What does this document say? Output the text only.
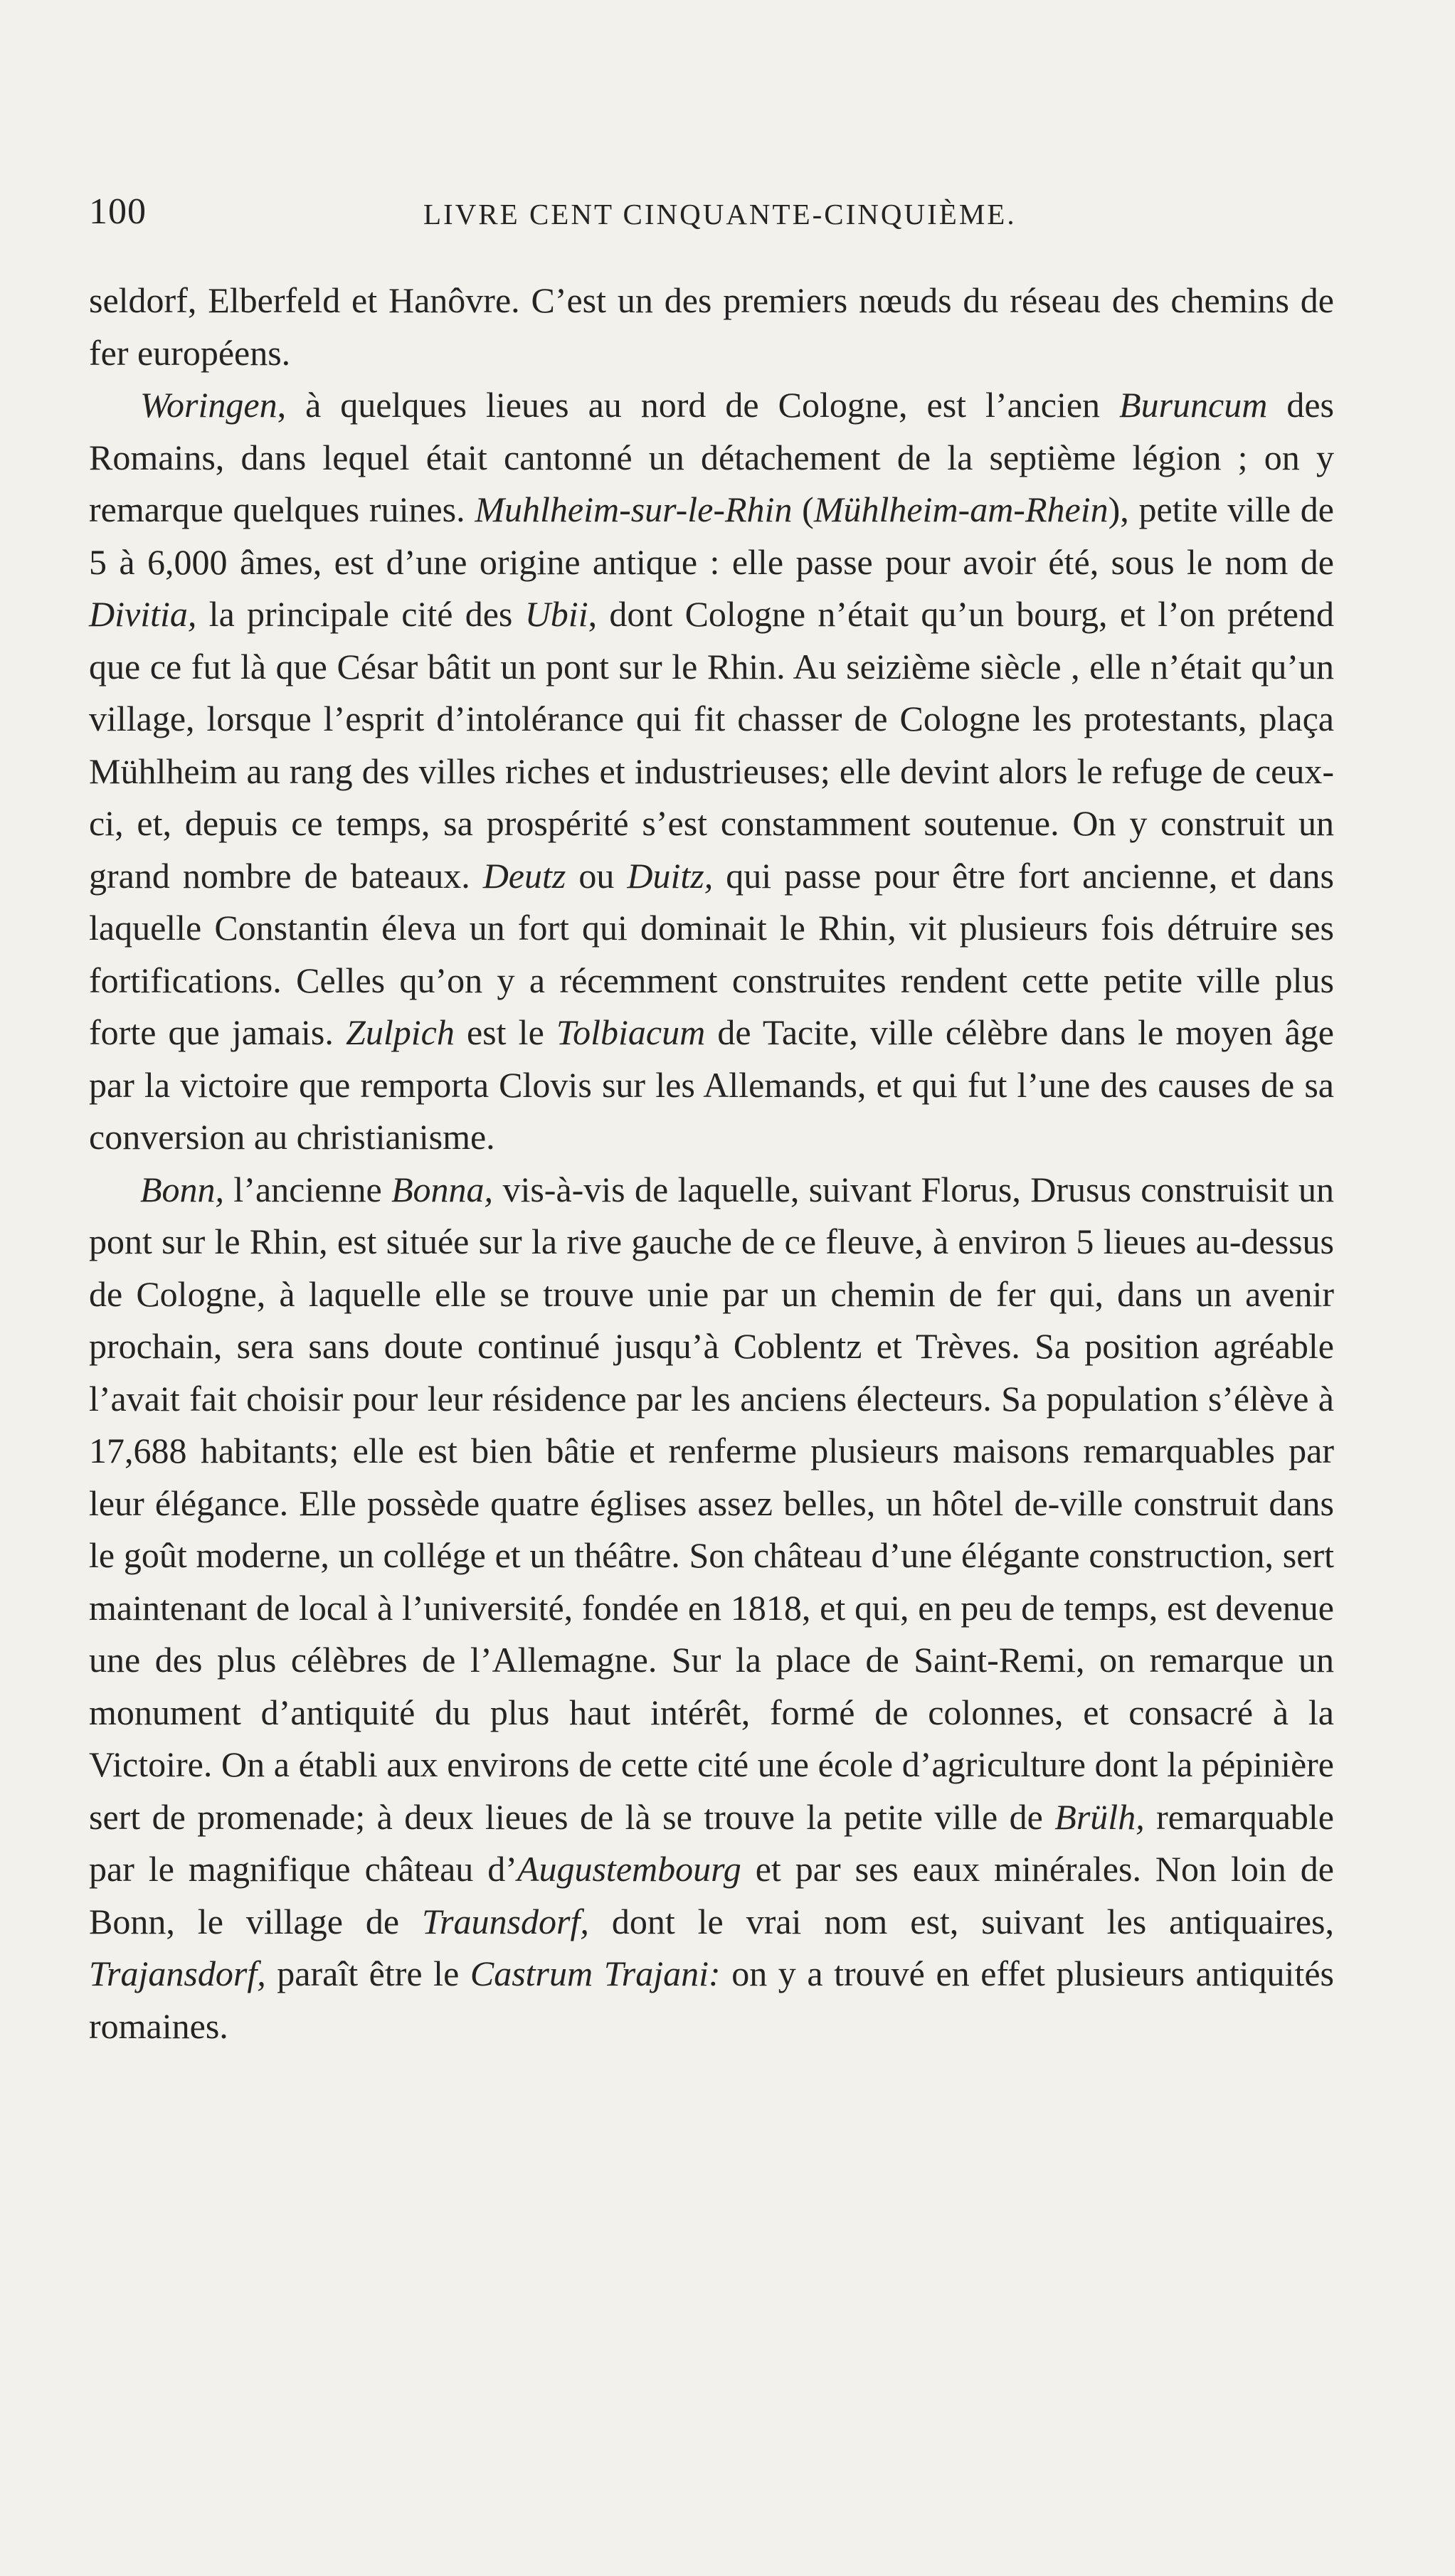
100	LIVRE CENT CINQUANTE-CINQUIÈME.

seldorf, Elberfeld et Hanôvre. C’est un des premiers nœuds du réseau des chemins de fer européens.

Woringen, à quelques lieues au nord de Cologne, est l’ancien Buruncum des Romains, dans lequel était cantonné un détachement de la septième légion ; on y remarque quelques ruines. Muhlheim-sur-le-Rhin (Mühlheim-am-Rhein), petite ville de 5 à 6,000 âmes, est d’une origine antique : elle passe pour avoir été, sous le nom de Divitia, la principale cité des Ubii, dont Cologne n’était qu’un bourg, et l’on prétend que ce fut là que César bâtit un pont sur le Rhin. Au seizième siècle , elle n’était qu’un village, lorsque l’esprit d’intolérance qui fit chasser de Cologne les protestants, plaça Mühlheim au rang des villes riches et industrieuses; elle devint alors le refuge de ceux-ci, et, depuis ce temps, sa prospérité s’est constamment soutenue. On y construit un grand nombre de bateaux. Deutz ou Duitz, qui passe pour être fort ancienne, et dans laquelle Constantin éleva un fort qui dominait le Rhin, vit plusieurs fois détruire ses fortifications. Celles qu’on y a récemment construites rendent cette petite ville plus forte que jamais. Zulpich est le Tolbiacum de Tacite, ville célèbre dans le moyen âge par la victoire que remporta Clovis sur les Allemands, et qui fut l’une des causes de sa conversion au christianisme.

Bonn, l’ancienne Bonna, vis-à-vis de laquelle, suivant Florus, Drusus construisit un pont sur le Rhin, est située sur la rive gauche de ce fleuve, à environ 5 lieues au-dessus de Cologne, à laquelle elle se trouve unie par un chemin de fer qui, dans un avenir prochain, sera sans doute continué jusqu’à Coblentz et Trèves. Sa position agréable l’avait fait choisir pour leur résidence par les anciens électeurs. Sa population s’élève à 17,688 habitants; elle est bien bâtie et renferme plusieurs maisons remarquables par leur élégance. Elle possède quatre églises assez belles, un hôtel de-ville construit dans le goût moderne, un collége et un théâtre. Son château d’une élégante construction, sert maintenant de local à l’université, fondée en 1818, et qui, en peu de temps, est devenue une des plus célèbres de l’Allemagne. Sur la place de Saint-Remi, on remarque un monument d’antiquité du plus haut intérêt, formé de colonnes, et consacré à la Victoire. On a établi aux environs de cette cité une école d’agriculture dont la pépinière sert de promenade; à deux lieues de là se trouve la petite ville de Brülh, remarquable par le magnifique château d’Augustembourg et par ses eaux minérales. Non loin de Bonn, le village de Traunsdorf, dont le vrai nom est, suivant les antiquaires, Trajansdorf, paraît être le Castrum Trajani: on y a trouvé en effet plusieurs antiquités romaines.
